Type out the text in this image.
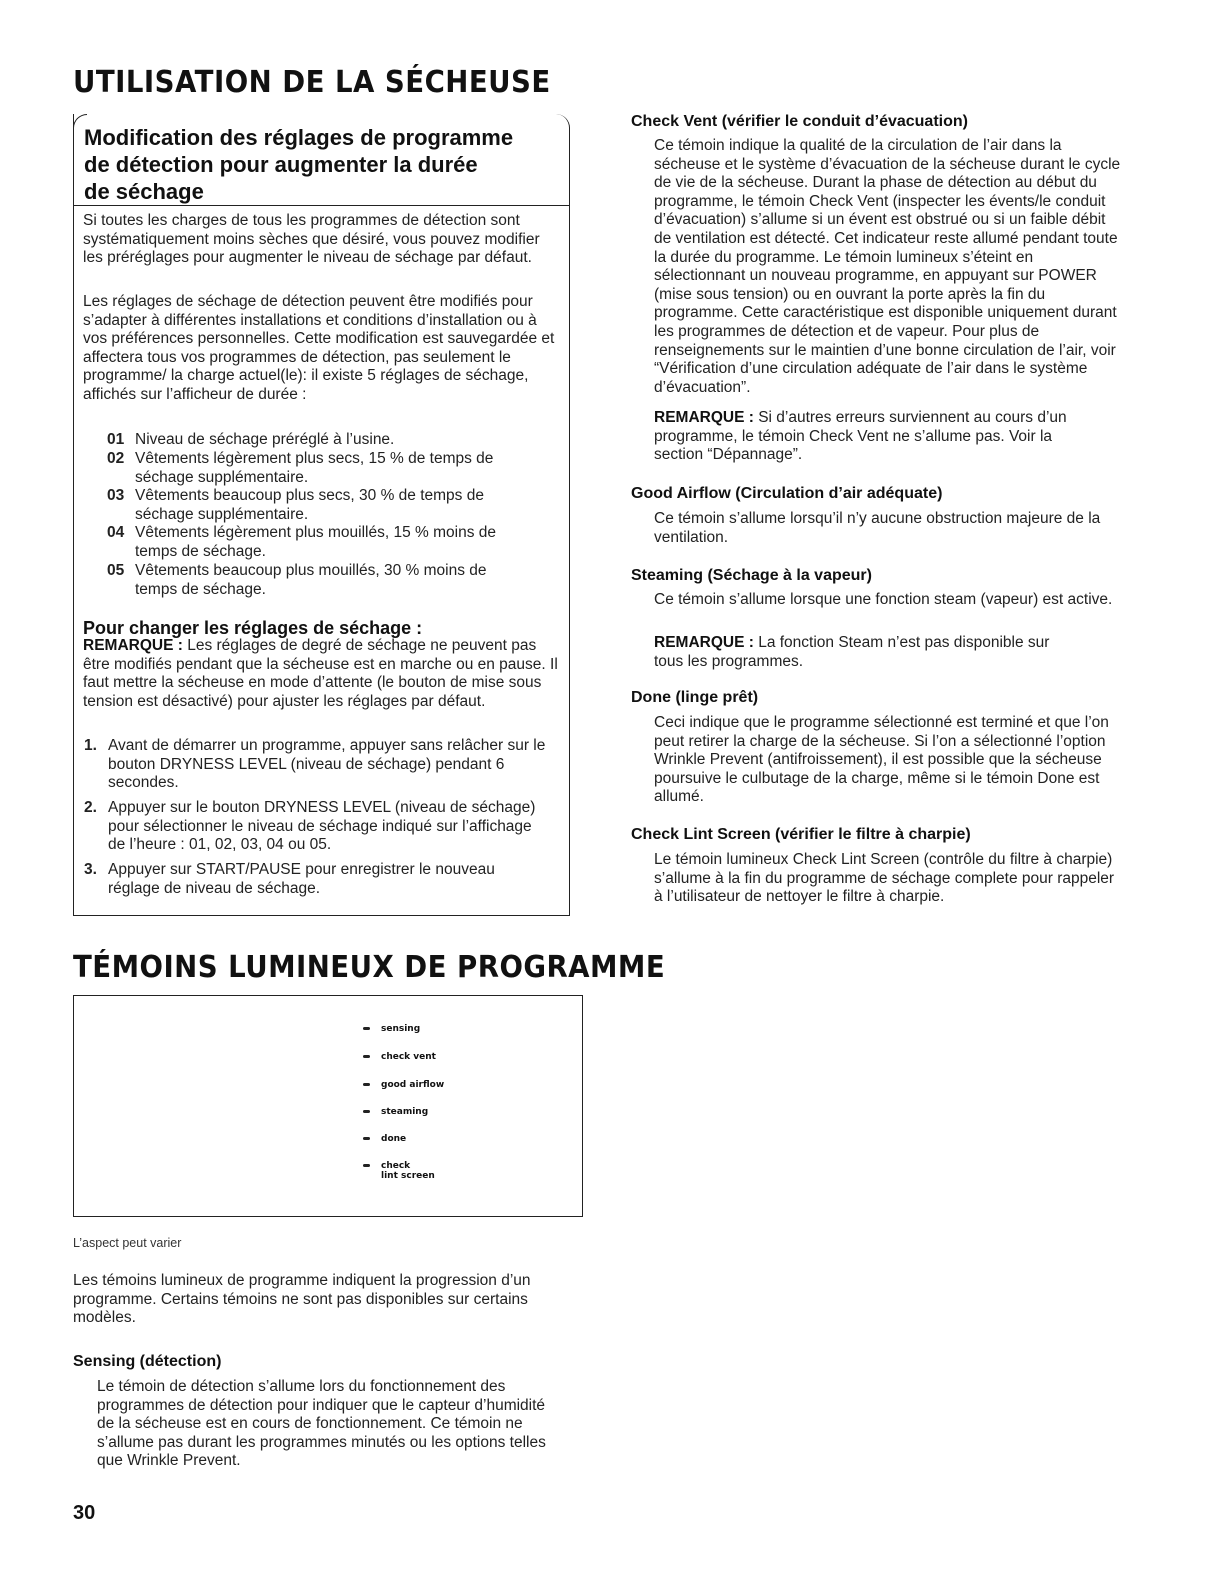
UTILISATION DE LA SÉCHEUSE
Modification des réglages de programme
de détection pour augmenter la durée
de séchage
Si toutes les charges de tous les programmes de détection sont systématiquement moins sèches que désiré, vous pouvez modifier les préréglages pour augmenter le niveau de séchage par défaut.
Les réglages de séchage de détection peuvent être modifiés pour s’adapter à différentes installations et conditions d’installation ou à vos préférences personnelles. Cette modification est sauvegardée et affectera tous vos programmes de détection, pas seulement le programme/ la charge actuel(le): il existe 5 réglages de séchage, affichés sur l’afficheur de durée :
01 Niveau de séchage préréglé à l’usine.
02 Vêtements légèrement plus secs, 15 % de temps de séchage supplémentaire.
03 Vêtements beaucoup plus secs, 30 % de temps de séchage supplémentaire.
04 Vêtements légèrement plus mouillés, 15 % moins de temps de séchage.
05 Vêtements beaucoup plus mouillés, 30 % moins de temps de séchage.
Pour changer les réglages de séchage :
REMARQUE : Les réglages de degré de séchage ne peuvent pas être modifiés pendant que la sécheuse est en marche ou en pause. Il faut mettre la sécheuse en mode d’attente (le bouton de mise sous tension est désactivé) pour ajuster les réglages par défaut.
1. Avant de démarrer un programme, appuyer sans relâcher sur le bouton DRYNESS LEVEL (niveau de séchage) pendant 6 secondes.
2. Appuyer sur le bouton DRYNESS LEVEL (niveau de séchage) pour sélectionner le niveau de séchage indiqué sur l’affichage de l’heure : 01, 02, 03, 04 ou 05.
3. Appuyer sur START/PAUSE pour enregistrer le nouveau réglage de niveau de séchage.
TÉMOINS LUMINEUX DE PROGRAMME
sensing
check vent
good airflow
steaming
done
check
lint screen
L’aspect peut varier
Les témoins lumineux de programme indiquent la progression d’un programme. Certains témoins ne sont pas disponibles sur certains modèles.
Sensing (détection)
Le témoin de détection s’allume lors du fonctionnement des programmes de détection pour indiquer que le capteur d’humidité de la sécheuse est en cours de fonctionnement. Ce témoin ne s’allume pas durant les programmes minutés ou les options telles que Wrinkle Prevent.
30
Check Vent (vérifier le conduit d’évacuation)
Ce témoin indique la qualité de la circulation de l’air dans la sécheuse et le système d’évacuation de la sécheuse durant le cycle de vie de la sécheuse. Durant la phase de détection au début du programme, le témoin Check Vent (inspecter les évents/le conduit d’évacuation) s’allume si un évent est obstrué ou si un faible débit de ventilation est détecté. Cet indicateur reste allumé pendant toute la durée du programme. Le témoin lumineux s’éteint en sélectionnant un nouveau programme, en appuyant sur POWER (mise sous tension) ou en ouvrant la porte après la fin du programme. Cette caractéristique est disponible uniquement durant les programmes de détection et de vapeur. Pour plus de renseignements sur le maintien d’une bonne circulation de l’air, voir “Vérification d’une circulation adéquate de l’air dans le système d’évacuation”.
REMARQUE : Si d’autres erreurs surviennent au cours d’un programme, le témoin Check Vent ne s’allume pas. Voir la section “Dépannage”.
Good Airflow (Circulation d’air adéquate)
Ce témoin s’allume lorsqu’il n’y aucune obstruction majeure de la ventilation.
Steaming (Séchage à la vapeur)
Ce témoin s’allume lorsque une fonction steam (vapeur) est active.
REMARQUE : La fonction Steam n’est pas disponible sur tous les programmes.
Done (linge prêt)
Ceci indique que le programme sélectionné est terminé et que l’on peut retirer la charge de la sécheuse. Si l’on a sélectionné l’option Wrinkle Prevent (antifroissement), il est possible que la sécheuse poursuive le culbutage de la charge, même si le témoin Done est allumé.
Check Lint Screen (vérifier le filtre à charpie)
Le témoin lumineux Check Lint Screen (contrôle du filtre à charpie) s’allume à la fin du programme de séchage complete pour rappeler à l’utilisateur de nettoyer le filtre à charpie.
